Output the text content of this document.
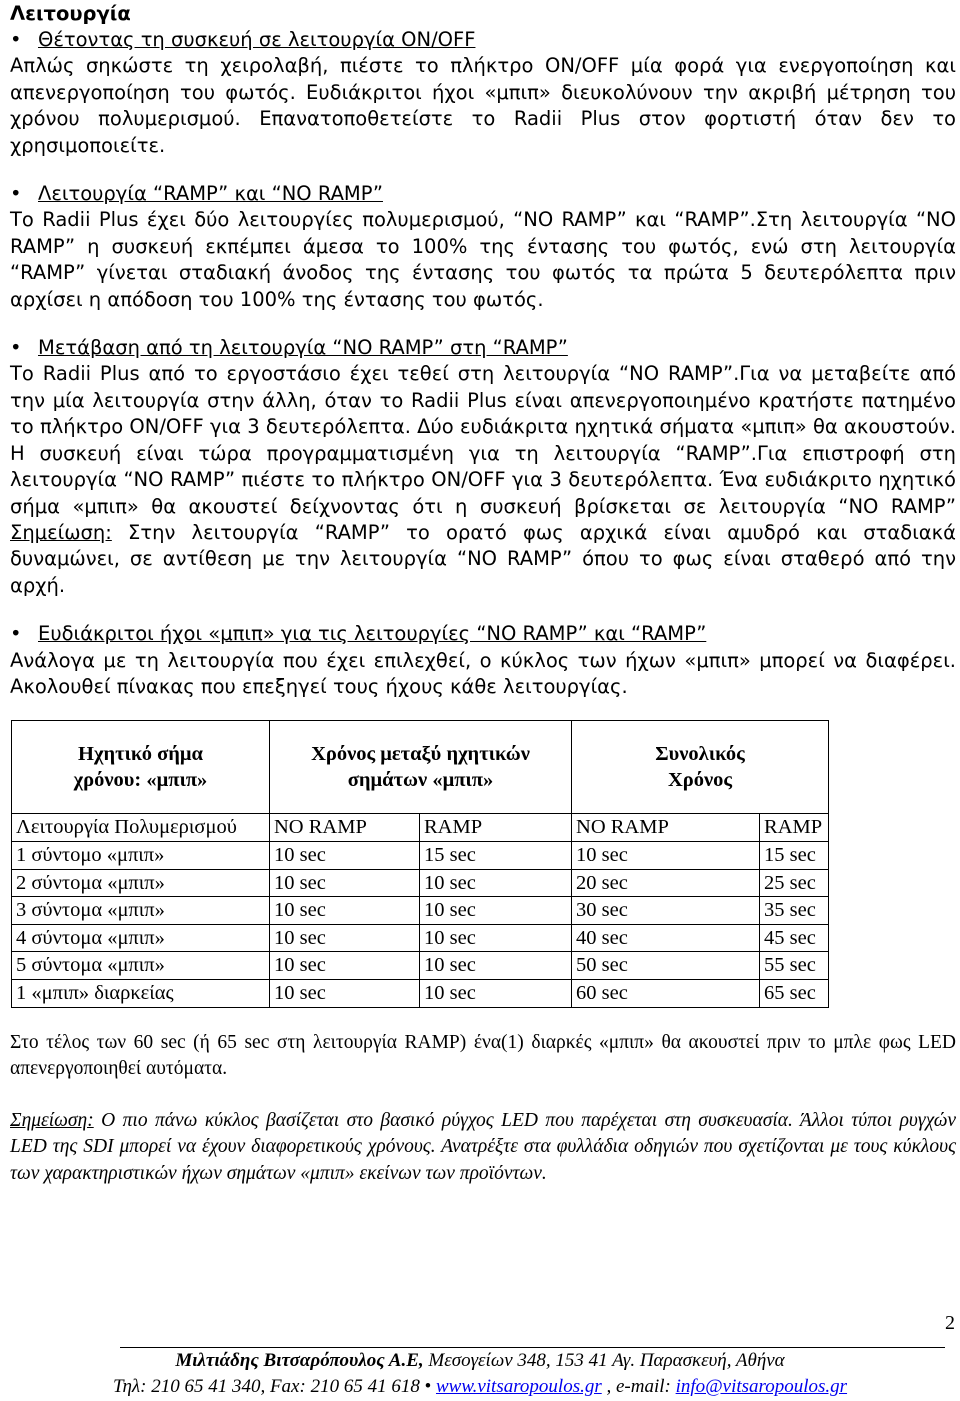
Λειτουργία

• Θέτοντας τη συσκευή σε λειτουργία ON/OFF

Απλώς σηκώστε τη χειρολαβή, πιέστε το πλήκτρο ON/OFF μία φορά για ενεργοποίηση και απενεργοποίηση του φωτός. Ευδιάκριτοι ήχοι «μπιπ» διευκολύνουν την ακριβή μέτρηση του χρόνου πολυμερισμού. Επανατοποθετείστε το Radii Plus στον φορτιστή όταν δεν το χρησιμοποιείτε.

• Λειτουργία “RAMP” και “NO RAMP”

Το Radii Plus έχει δύο λειτουργίες πολυμερισμού, “NO RAMP” και “RAMP”.Στη λειτουργία “NO RAMP” η συσκευή εκπέμπει άμεσα το 100% της έντασης του φωτός, ενώ στη λειτουργία “RAMP” γίνεται σταδιακή άνοδος της έντασης του φωτός τα πρώτα 5 δευτερόλεπτα πριν αρχίσει η απόδοση του 100% της έντασης του φωτός.

• Μετάβαση από τη λειτουργία “NO RAMP” στη “RAMP”

Το Radii Plus από το εργοστάσιο έχει τεθεί στη λειτουργία “NO RAMP”.Για να μεταβείτε από την μία λειτουργία στην άλλη, όταν το Radii Plus είναι απενεργοποιημένο κρατήστε πατημένο το πλήκτρο ON/OFF για 3 δευτερόλεπτα. Δύο ευδιάκριτα ηχητικά σήματα «μπιπ» θα ακουστούν. Η συσκευή είναι τώρα προγραμματισμένη για τη λειτουργία “RAMP”.Για επιστροφή στη λειτουργία “NO RAMP” πιέστε το πλήκτρο ON/OFF για 3 δευτερόλεπτα. Ένα ευδιάκριτο ηχητικό σήμα «μπιπ» θα ακουστεί δείχνοντας ότι η συσκευή βρίσκεται σε λειτουργία “NO RAMP” Σημείωση: Στην λειτουργία “RAMP” το ορατό φως αρχικά είναι αμυδρό και σταδιακά δυναμώνει, σε αντίθεση με την λειτουργία “NO RAMP” όπου το φως είναι σταθερό από την αρχή.

• Ευδιάκριτοι ήχοι «μπιπ» για τις λειτουργίες “NO RAMP” και “RAMP”

Ανάλογα με τη λειτουργία που έχει επιλεχθεί, ο κύκλος των ήχων «μπιπ» μπορεί να διαφέρει. Ακολουθεί πίνακας που επεξηγεί τους ήχους κάθε λειτουργίας.

Ηχητικό σήμα χρόνου: «μπιπ»	Χρόνος μεταξύ ηχητικών σημάτων «μπιπ»		Συνολικός Χρόνος	
Λειτουργία Πολυμερισμού	NO RAMP	RAMP	NO RAMP	RAMP
1 σύντομο «μπιπ»	10 sec	15 sec	10 sec	15 sec
2 σύντομα «μπιπ»	10 sec	10 sec	20 sec	25 sec
3 σύντομα «μπιπ»	10 sec	10 sec	30 sec	35 sec
4 σύντομα «μπιπ»	10 sec	10 sec	40 sec	45 sec
5 σύντομα «μπιπ»	10 sec	10 sec	50 sec	55 sec
1 «μπιπ» διαρκείας	10 sec	10 sec	60 sec	65 sec

Στο τέλος των 60 sec (ή 65 sec στη λειτουργία RAMP) ένα(1) διαρκές «μπιπ» θα ακουστεί πριν το μπλε φως LED απενεργοποιηθεί αυτόματα.

Σημείωση: Ο πιο πάνω κύκλος βασίζεται στο βασικό ρύγχος LED που παρέχεται στη συσκευασία. Άλλοι τύποι ρυγχών LED της SDI μπορεί να έχουν διαφορετικούς χρόνους. Ανατρέξτε στα φυλλάδια οδηγιών που σχετίζονται με τους κύκλους των χαρακτηριστικών ήχων σημάτων «μπιπ» εκείνων των προϊόντων.

2
Μιλτιάδης Βιτσαρόπουλος Α.Ε, Μεσογείων 348, 153 41 Αγ. Παρασκευή, Αθήνα
Τηλ: 210 65 41 340, Fax: 210 65 41 618 • www.vitsaropoulos.gr , e-mail: info@vitsaropoulos.gr
